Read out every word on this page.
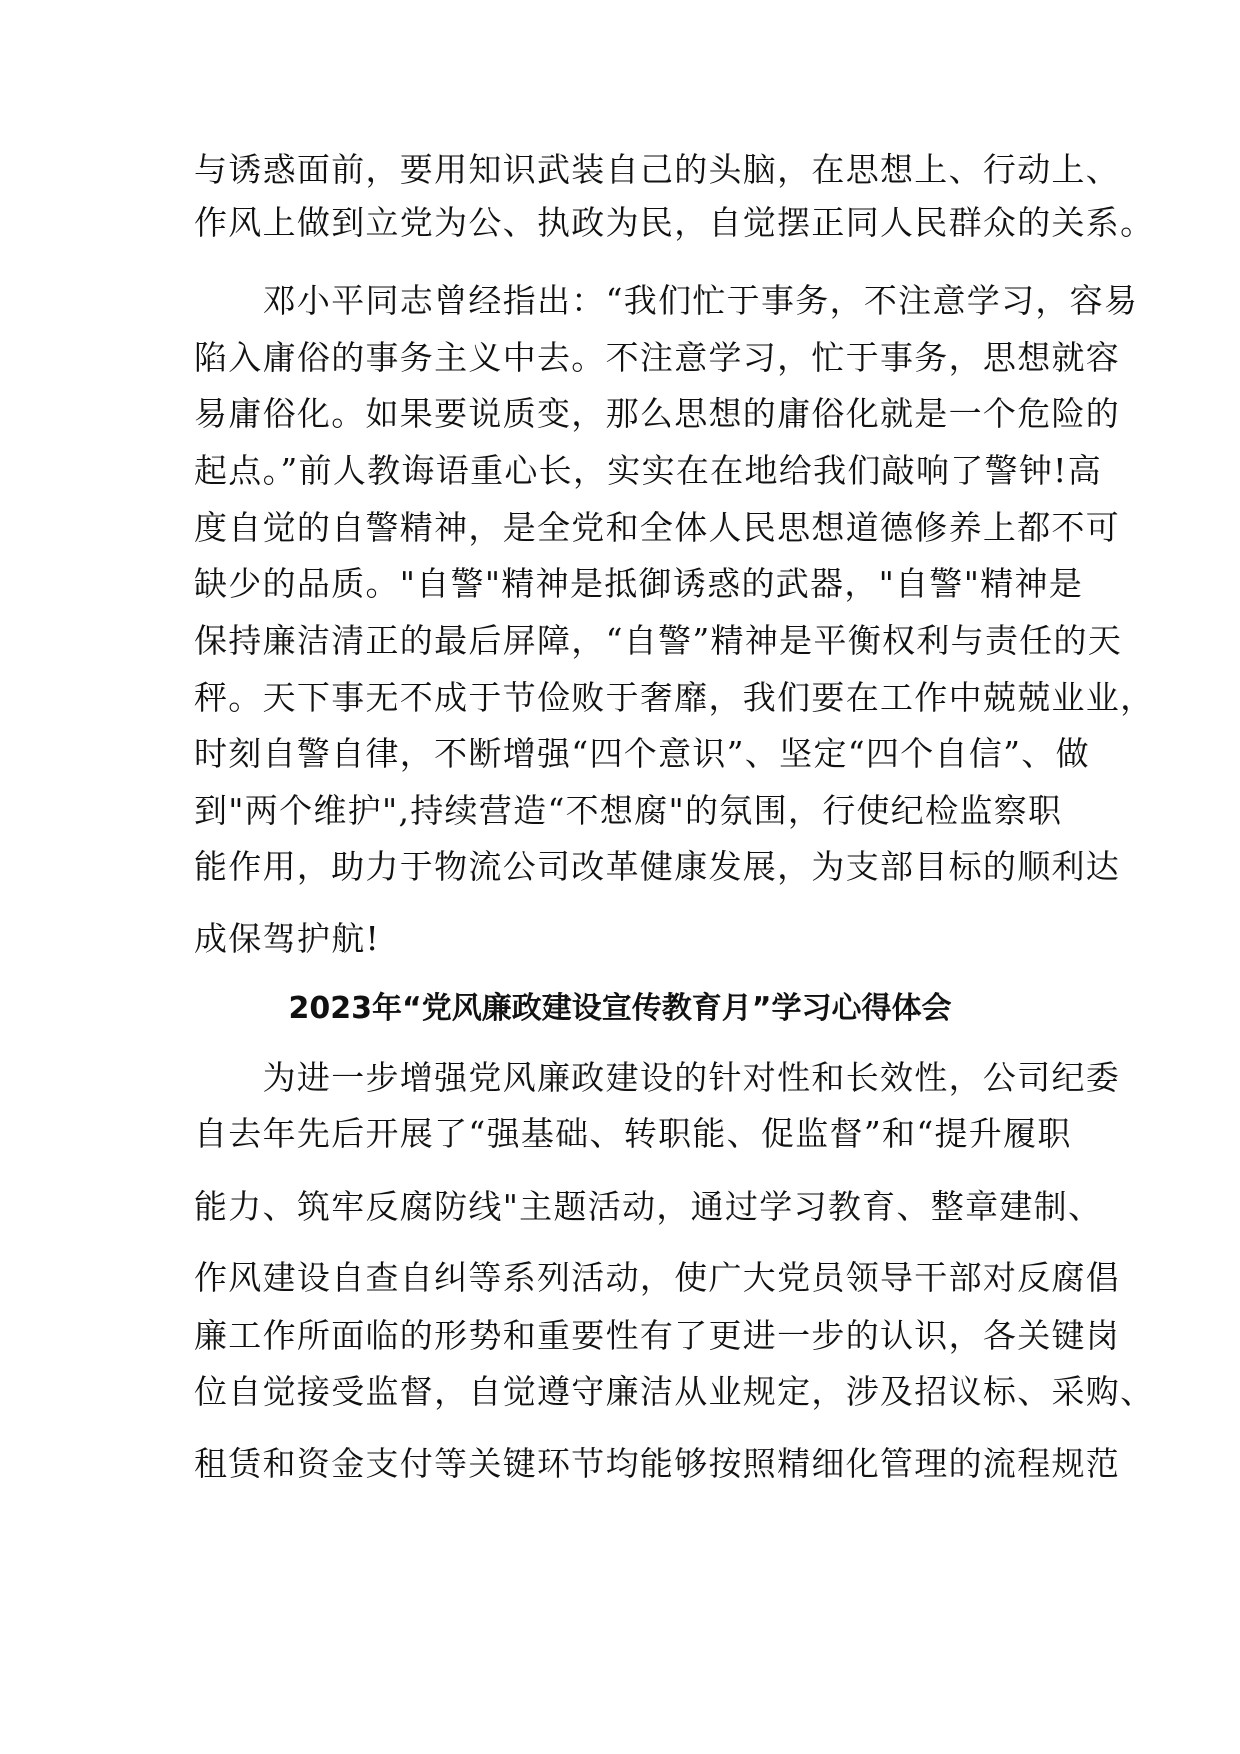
与诱惑面前，要用知识武装自己的头脑，在思想上、行动上、

作风上做到立党为公、执政为民，自觉摆正同人民群众的关系。

　　邓小平同志曾经指出：“我们忙于事务，不注意学习，容易

陷入庸俗的事务主义中去。不注意学习，忙于事务，思想就容

易庸俗化。如果要说质变，那么思想的庸俗化就是一个危险的

起点。”前人教诲语重心长，实实在在地给我们敲响了警钟!高

度自觉的自警精神，是全党和全体人民思想道德修养上都不可

缺少的品质。"自警"精神是抵御诱惑的武器，"自警"精神是

保持廉洁清正的最后屏障，“自警”精神是平衡权利与责任的天

秤。天下事无不成于节俭败于奢靡，我们要在工作中兢兢业业，

时刻自警自律，不断增强“四个意识”、坚定“四个自信”、做

到"两个维护",持续营造“不想腐"的氛围，行使纪检监察职

能作用，助力于物流公司改革健康发展，为支部目标的顺利达

成保驾护航!

2023年“党风廉政建设宣传教育月”学习心得体会

　　为进一步增强党风廉政建设的针对性和长效性，公司纪委

自去年先后开展了“强基础、转职能、促监督”和“提升履职

能力、筑牢反腐防线"主题活动，通过学习教育、整章建制、

作风建设自查自纠等系列活动，使广大党员领导干部对反腐倡

廉工作所面临的形势和重要性有了更进一步的认识，各关键岗

位自觉接受监督，自觉遵守廉洁从业规定，涉及招议标、采购、

租赁和资金支付等关键环节均能够按照精细化管理的流程规范
